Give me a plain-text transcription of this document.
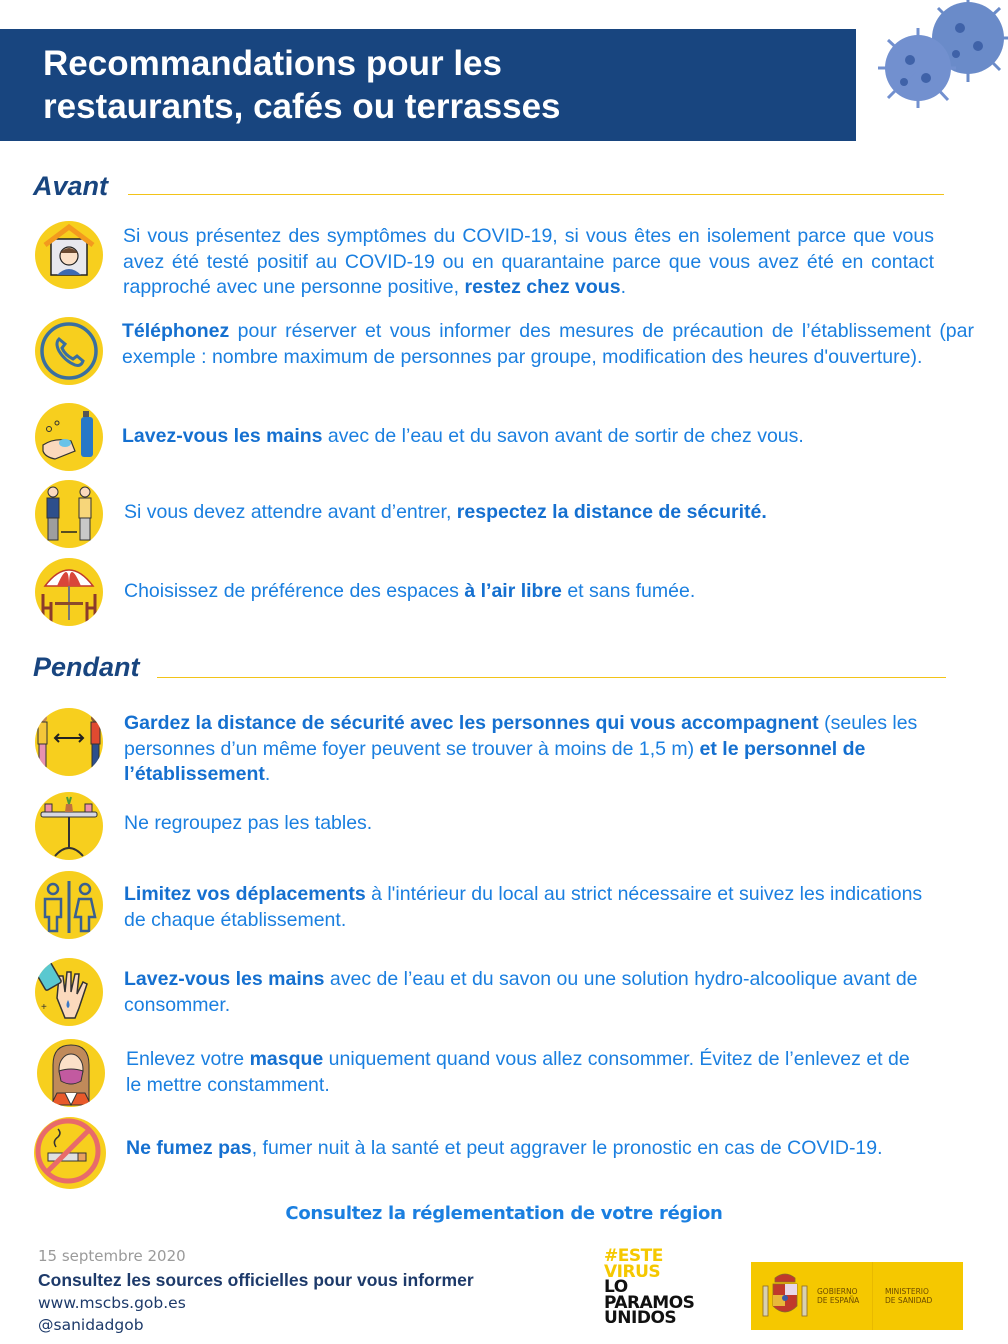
Recommandations pour les
restaurants, cafés ou terrasses
Avant
Si vous présentez des symptômes du COVID-19, si vous êtes en isolement parce que vous avez été testé positif au COVID-19 ou en quarantaine parce que vous avez été en contact rapproché avec une personne positive, restez chez vous.
Téléphonez pour réserver et vous informer des mesures de précaution de l’établissement (par exemple : nombre maximum de personnes par groupe, modification des heures d'ouverture).
Lavez-vous les mains avec de l’eau et du savon avant de sortir de chez vous.
Si vous devez attendre avant d’entrer, respectez la distance de sécurité.
Choisissez de préférence des espaces à l’air libre et sans fumée.
Pendant
Gardez la distance de sécurité avec les personnes qui vous accompagnent (seules les personnes d’un même foyer peuvent se trouver à moins de 1,5 m) et le personnel de l’établissement.
Ne regroupez pas les tables.
Limitez vos déplacements à l'intérieur du local au strict nécessaire et suivez les indications de chaque établissement.
+
Lavez-vous les mains avec de l’eau et du savon ou une solution hydro-alcoolique avant de consommer.
Enlevez votre masque uniquement quand vous allez consommer. Évitez de l’enlevez et de le mettre constamment.
Ne fumez pas, fumer nuit à la santé et peut aggraver le pronostic en cas de COVID-19.
Consultez la réglementation de votre région
15 septembre 2020
Consultez les sources officielles pour vous informer
www.mscbs.gob.es
@sanidadgob
#ESTE
VIRUS
LO
PARAMOS
UNIDOS
GOBIERNO
DE ESPAÑA
MINISTERIO
DE SANIDAD
